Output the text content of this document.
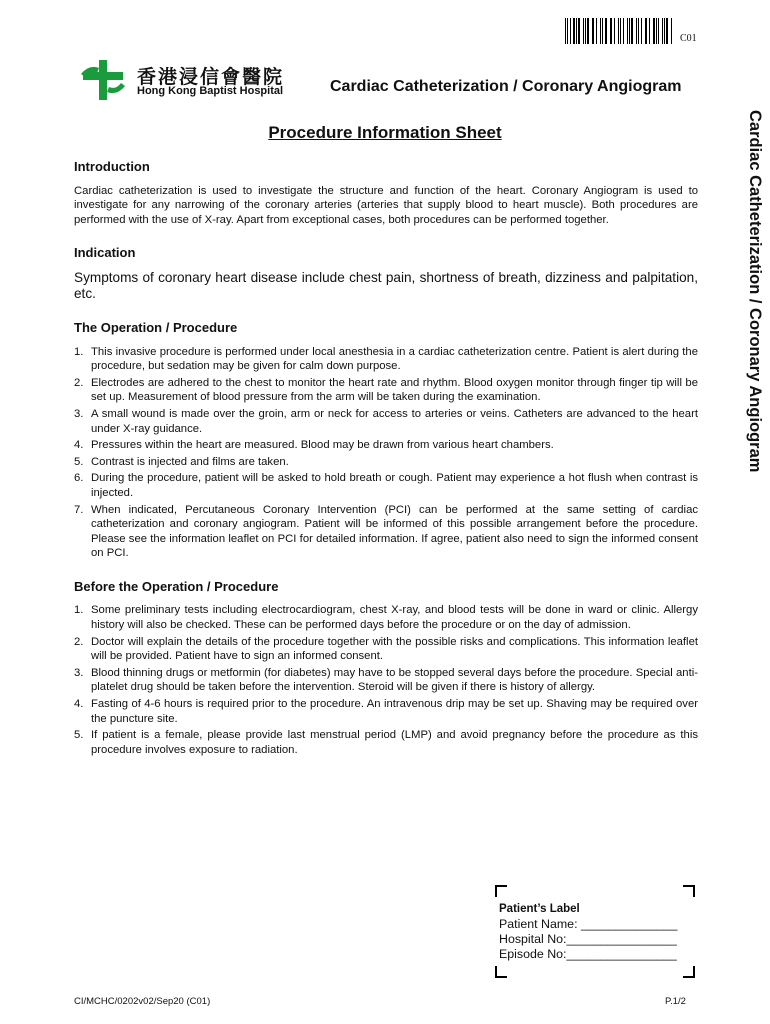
C01
香港浸信會醫院
Hong Kong Baptist Hospital	Cardiac Catheterization / Coronary Angiogram
Cardiac Catheterization / Coronary Angiogram
Procedure Information Sheet
Introduction

Cardiac catheterization is used to investigate the structure and function of the heart. Coronary Angiogram is used to investigate for any narrowing of the coronary arteries (arteries that supply blood to heart muscle). Both procedures are performed with the use of X-ray. Apart from exceptional cases, both procedures can be performed together.

Indication

Symptoms of coronary heart disease include chest pain, shortness of breath, dizziness and palpitation, etc.

The Operation / Procedure
1. This invasive procedure is performed under local anesthesia in a cardiac catheterization centre. Patient is alert during the procedure, but sedation may be given for calm down purpose.
2. Electrodes are adhered to the chest to monitor the heart rate and rhythm. Blood oxygen monitor through finger tip will be set up. Measurement of blood pressure from the arm will be taken during the examination.
3. A small wound is made over the groin, arm or neck for access to arteries or veins. Catheters are advanced to the heart under X-ray guidance.
4. Pressures within the heart are measured. Blood may be drawn from various heart chambers.
5. Contrast is injected and films are taken.
6. During the procedure, patient will be asked to hold breath or cough. Patient may experience a hot flush when contrast is injected.
7. When indicated, Percutaneous Coronary Intervention (PCI) can be performed at the same setting of cardiac catheterization and coronary angiogram. Patient will be informed of this possible arrangement before the procedure. Please see the information leaflet on PCI for detailed information. If agree, patient also need to sign the informed consent on PCI.
Before the Operation / Procedure
1. Some preliminary tests including electrocardiogram, chest X-ray, and blood tests will be done in ward or clinic. Allergy history will also be checked. These can be performed days before the procedure or on the day of admission.
2. Doctor will explain the details of the procedure together with the possible risks and complications. This information leaflet will be provided. Patient have to sign an informed consent.
3. Blood thinning drugs or metformin (for diabetes) may have to be stopped several days before the procedure. Special anti-platelet drug should be taken before the intervention. Steroid will be given if there is history of allergy.
4. Fasting of 4-6 hours is required prior to the procedure. An intravenous drip may be set up. Shaving may be required over the puncture site.
5. If patient is a female, please provide last menstrual period (LMP) and avoid pregnancy before the procedure as this procedure involves exposure to radiation.
Patient’s Label
Patient Name: ______________
Hospital No:________________
Episode No:________________
CI/MCHC/0202v02/Sep20 (C01)	P.1/2
